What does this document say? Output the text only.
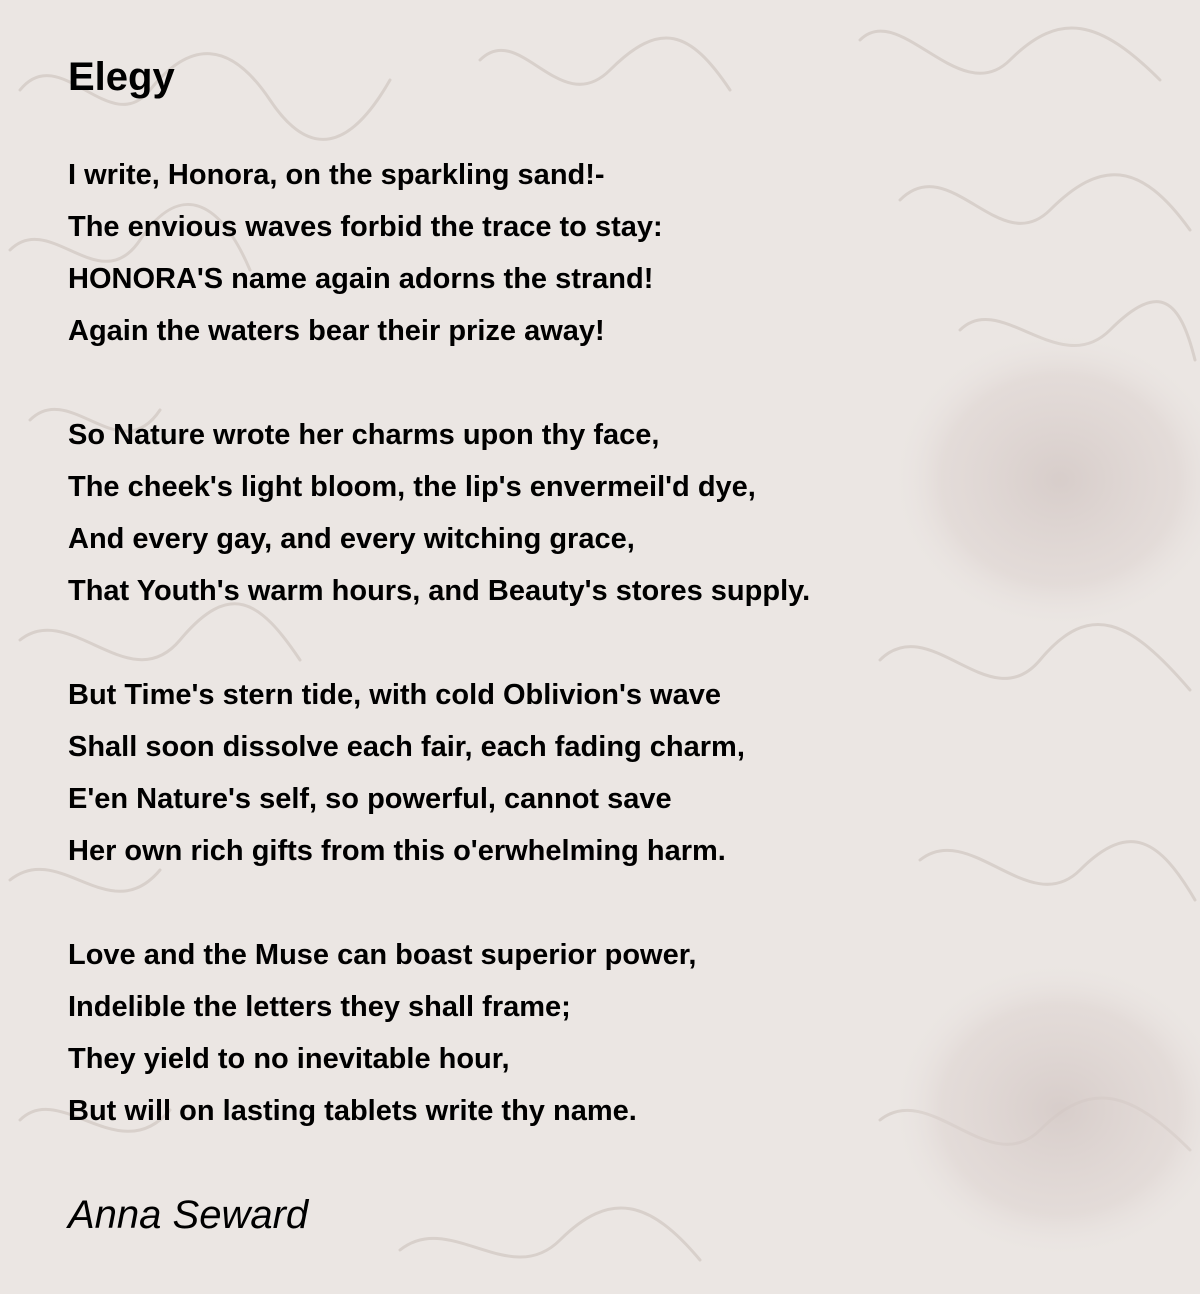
Elegy
I write, Honora, on the sparkling sand!-
The envious waves forbid the trace to stay:
HONORA'S name again adorns the strand!
Again the waters bear their prize away!
So Nature wrote her charms upon thy face,
The cheek's light bloom, the lip's envermeil'd dye,
And every gay, and every witching grace,
That Youth's warm hours, and Beauty's stores supply.
But Time's stern tide, with cold Oblivion's wave
Shall soon dissolve each fair, each fading charm,
E'en Nature's self, so powerful, cannot save
Her own rich gifts from this o'erwhelming harm.
Love and the Muse can boast superior power,
Indelible the letters they shall frame;
They yield to no inevitable hour,
But will on lasting tablets write thy name.

Anna Seward
